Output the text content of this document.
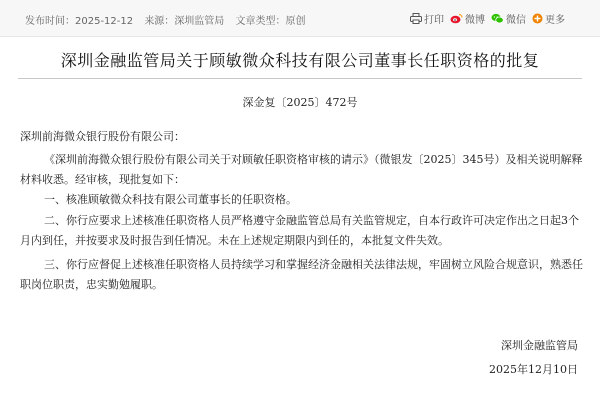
发布时间：2025-12-12 来源：深圳监管局 文章类型：原创	打印 微博 微信 更多
深圳金融监管局关于顾敏微众科技有限公司董事长任职资格的批复
深金复〔2025〕472号
深圳前海微众银行股份有限公司：
《深圳前海微众银行股份有限公司关于对顾敏任职资格审核的请示》（微银发〔2025〕345号）及相关说明解释材料收悉。经审核，现批复如下：
一、核准顾敏微众科技有限公司董事长的任职资格。
二、你行应要求上述核准任职资格人员严格遵守金融监管总局有关监管规定，自本行政许可决定作出之日起3个月内到任，并按要求及时报告到任情况。未在上述规定期限内到任的，本批复文件失效。
三、你行应督促上述核准任职资格人员持续学习和掌握经济金融相关法律法规，牢固树立风险合规意识，熟悉任职岗位职责，忠实勤勉履职。
深圳金融监管局
2025年12月10日
